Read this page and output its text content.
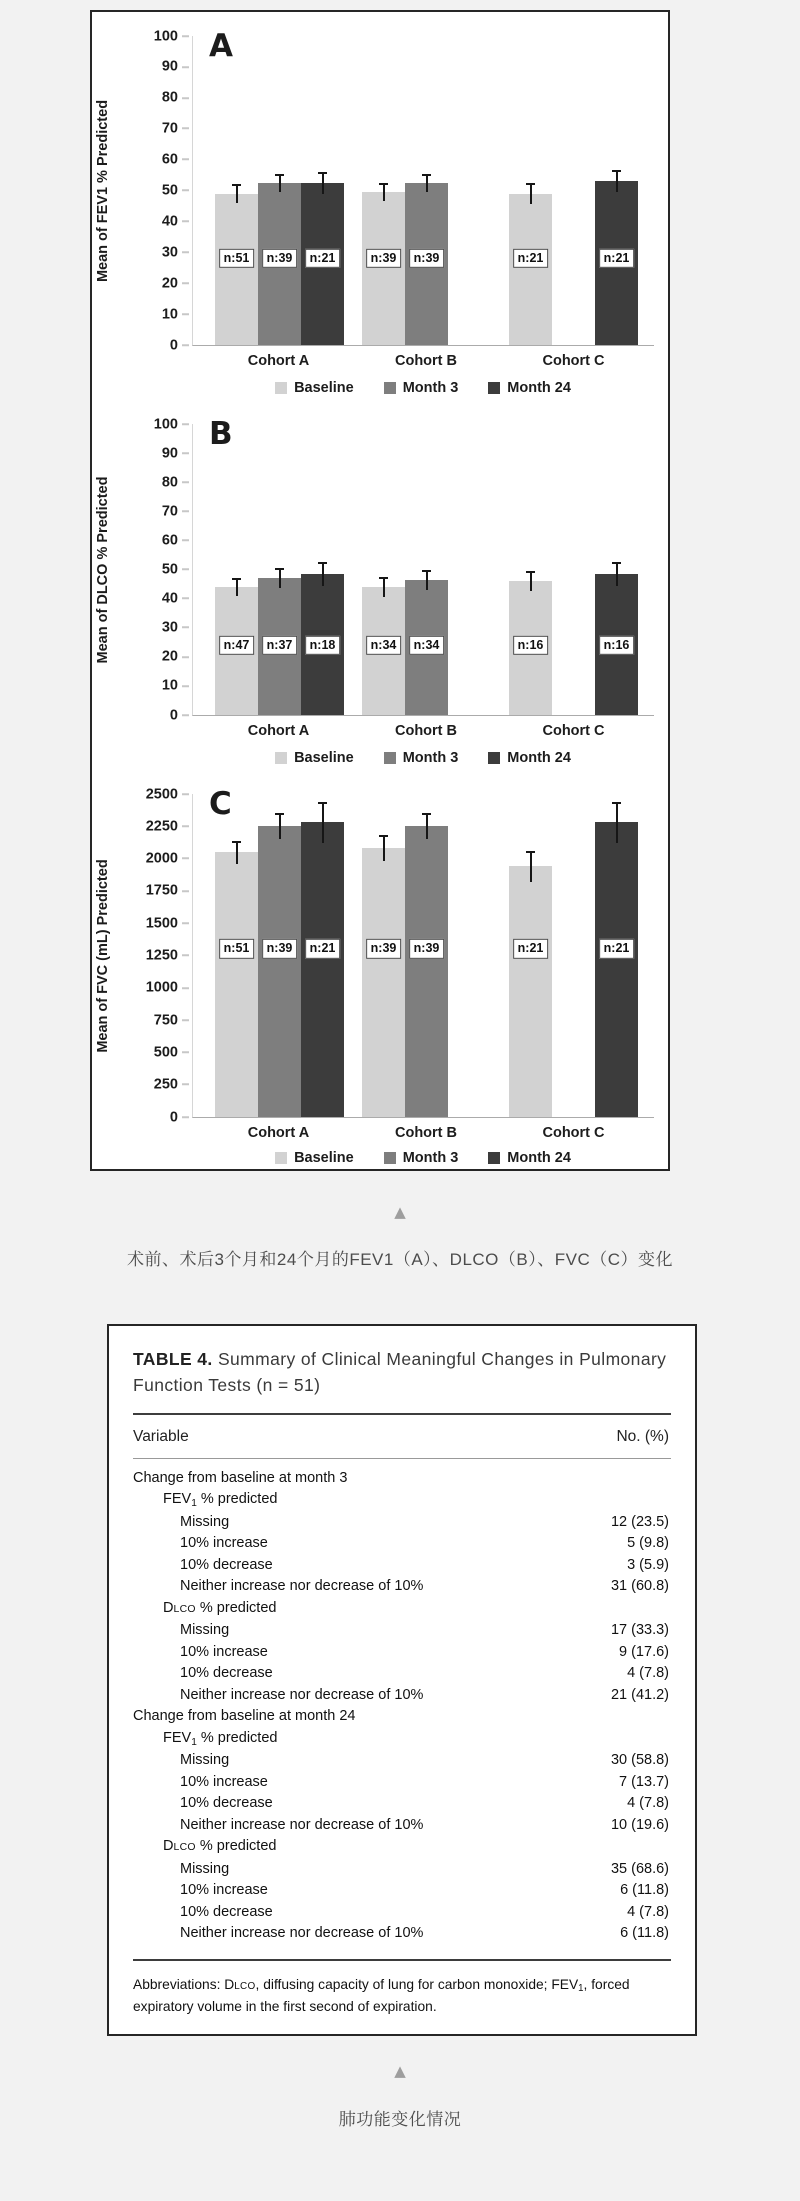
Mean of FEV1 % Predicted
A
0
10
20
30
40
50
60
70
80
90
100
n:51	n:39	n:21	n:39	n:39	n:21	n:21
Cohort A	Cohort B	Cohort C
Baseline	Month 3	Month 24
Mean of DLCO % Predicted
B
0
10
20
30
40
50
60
70
80
90
100
n:47	n:37	n:18	n:34	n:34	n:16	n:16
Cohort A	Cohort B	Cohort C
Baseline	Month 3	Month 24
Mean of FVC (mL) Predicted
C
0
250
500
750
1000
1250
1500
1750
2000
2250
2500
n:51	n:39	n:21	n:39	n:39	n:21	n:21
Cohort A	Cohort B	Cohort C
Baseline	Month 3	Month 24
▲
术前、术后3个月和24个月的FEV1（A）、DLCO（B）、FVC（C）变化

TABLE 4. Summary of Clinical Meaningful Changes in Pulmonary Function Tests (n = 51)

Variable	No. (%)
Change from baseline at month 3
$FEV_1$ % predicted
Missing	12 (23.5)
10% increase	5 (9.8)
10% decrease	3 (5.9)
Neither increase nor decrease of 10%	31 (60.8)
DLCO % predicted
Missing	17 (33.3)
10% increase	9 (17.6)
10% decrease	4 (7.8)
Neither increase nor decrease of 10%	21 (41.2)
Change from baseline at month 24
$FEV_1$ % predicted
Missing	30 (58.8)
10% increase	7 (13.7)
10% decrease	4 (7.8)
Neither increase nor decrease of 10%	10 (19.6)
DLCO % predicted
Missing	35 (68.6)
10% increase	6 (11.8)
10% decrease	4 (7.8)
Neither increase nor decrease of 10%	6 (11.8)

Abbreviations: DLCO, diffusing capacity of lung for carbon monoxide; $FEV_1$, forced expiratory volume in the first second of expiration.

▲
肺功能变化情况
